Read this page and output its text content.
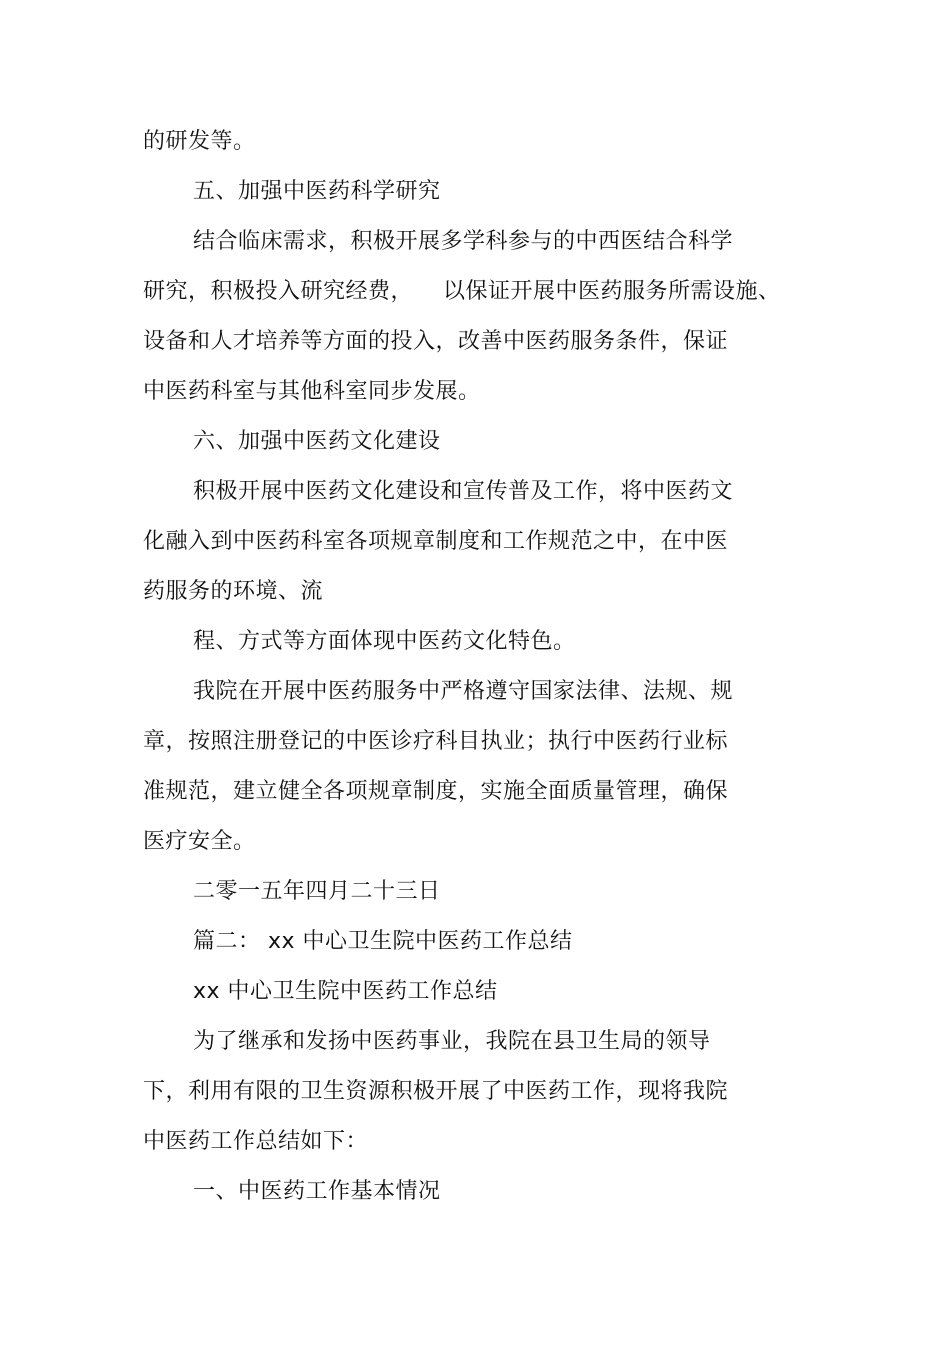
的研发等。
五、加强中医药科学研究
结合临床需求，积极开展多学科参与的中西医结合科学
研究，积极投入研究经费，    以保证开展中医药服务所需设施、
设备和人才培养等方面的投入，改善中医药服务条件，保证
中医药科室与其他科室同步发展。
六、加强中医药文化建设
积极开展中医药文化建设和宣传普及工作，将中医药文
化融入到中医药科室各项规章制度和工作规范之中，在中医
药服务的环境、流
程、方式等方面体现中医药文化特色。
我院在开展中医药服务中严格遵守国家法律、法规、规
章，按照注册登记的中医诊疗科目执业；执行中医药行业标
准规范，建立健全各项规章制度，实施全面质量管理，确保
医疗安全。
二零一五年四月二十三日
篇二： xx 中心卫生院中医药工作总结
xx 中心卫生院中医药工作总结
为了继承和发扬中医药事业，我院在县卫生局的领导
下，利用有限的卫生资源积极开展了中医药工作，现将我院
中医药工作总结如下：
一、中医药工作基本情况
